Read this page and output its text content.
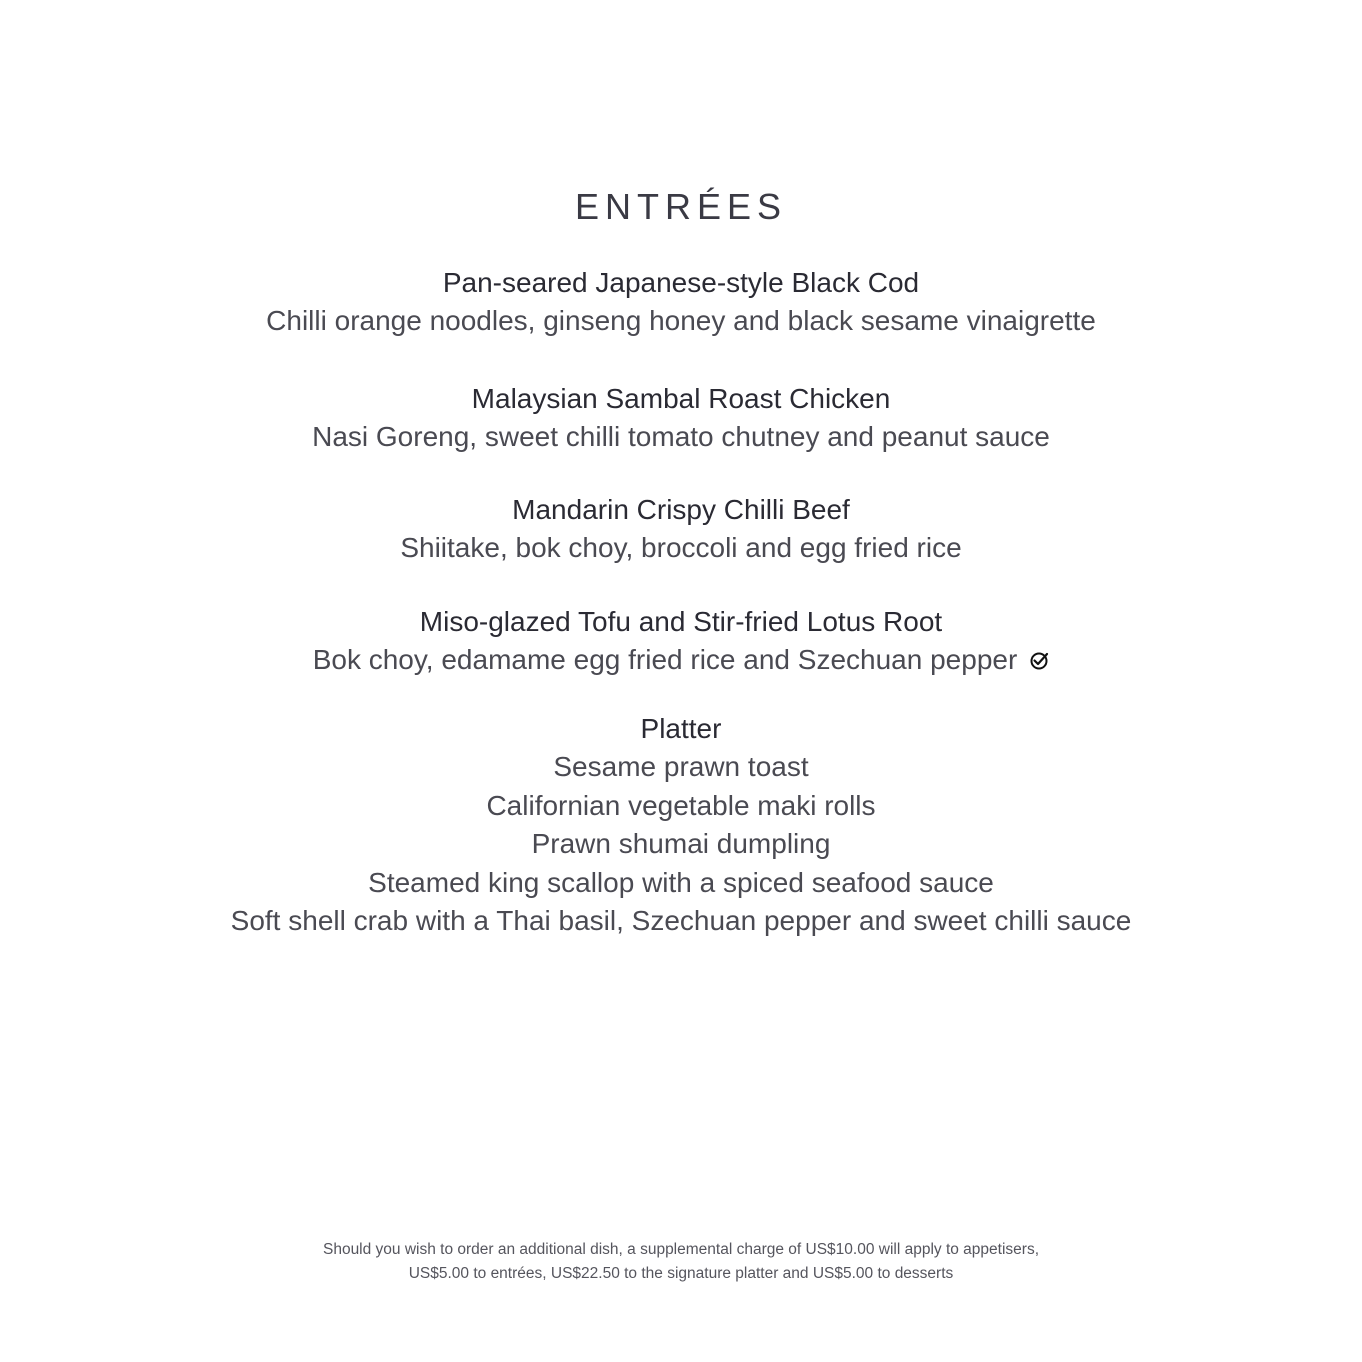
ENTRÉES
Pan-seared Japanese-style Black Cod
Chilli orange noodles, ginseng honey and black sesame vinaigrette
Malaysian Sambal Roast Chicken
Nasi Goreng, sweet chilli tomato chutney and peanut sauce
Mandarin Crispy Chilli Beef
Shiitake, bok choy, broccoli and egg fried rice
Miso-glazed Tofu and Stir-fried Lotus Root
Bok choy, edamame egg fried rice and Szechuan pepper
Platter
Sesame prawn toast
Californian vegetable maki rolls
Prawn shumai dumpling
Steamed king scallop with a spiced seafood sauce
Soft shell crab with a Thai basil, Szechuan pepper and sweet chilli sauce
Should you wish to order an additional dish, a supplemental charge of US$10.00 will apply to appetisers,
US$5.00 to entrées, US$22.50 to the signature platter and US$5.00 to desserts
